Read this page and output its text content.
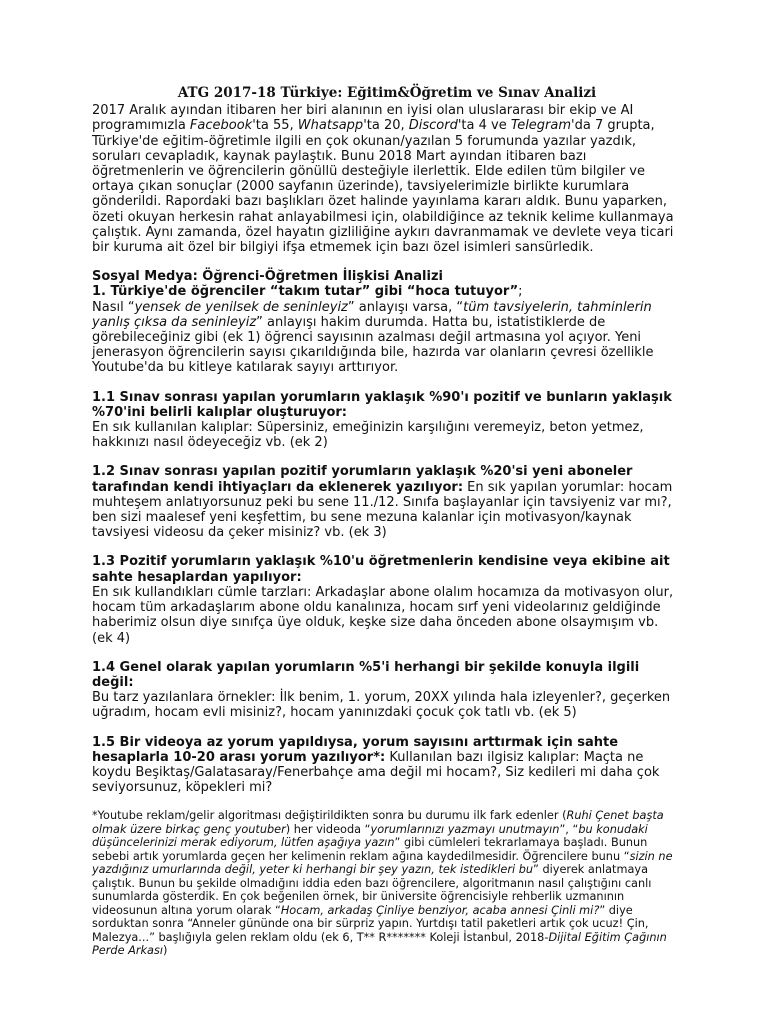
ATG 2017-18 Türkiye: Eğitim&Öğretim ve Sınav Analizi

2017 Aralık ayından itibaren her biri alanının en iyisi olan uluslararası bir ekip ve AI programımızla Facebook'ta 55, Whatsapp'ta 20, Discord'ta 4 ve Telegram'da 7 grupta, Türkiye'de eğitim-öğretimle ilgili en çok okunan/yazılan 5 forumunda yazılar yazdık, soruları cevapladık, kaynak paylaştık. Bunu 2018 Mart ayından itibaren bazı öğretmenlerin ve öğrencilerin gönüllü desteğiyle ilerlettik. Elde edilen tüm bilgiler ve ortaya çıkan sonuçlar (2000 sayfanın üzerinde), tavsiyelerimizle birlikte kurumlara gönderildi. Rapordaki bazı başlıkları özet halinde yayınlama kararı aldık. Bunu yaparken, özeti okuyan herkesin rahat anlayabilmesi için, olabildiğince az teknik kelime kullanmaya çalıştık. Aynı zamanda, özel hayatın gizliliğine aykırı davranmamak ve devlete veya ticari bir kuruma ait özel bir bilgiyi ifşa etmemek için bazı özel isimleri sansürledik.

Sosyal Medya: Öğrenci-Öğretmen İlişkisi Analizi

1. Türkiye'de öğrenciler “takım tutar” gibi “hoca tutuyor”;

Nasıl “yensek de yenilsek de seninleyiz” anlayışı varsa, “tüm tavsiyelerin, tahminlerin yanlış çıksa da seninleyiz” anlayışı hakim durumda. Hatta bu, istatistiklerde de görebileceğiniz gibi (ek 1) öğrenci sayısının azalması değil artmasına yol açıyor. Yeni jenerasyon öğrencilerin sayısı çıkarıldığında bile, hazırda var olanların çevresi özellikle Youtube'da bu kitleye katılarak sayıyı arttırıyor.

1.1 Sınav sonrası yapılan yorumların yaklaşık %90'ı pozitif ve bunların yaklaşık %70'ini belirli kalıplar oluşturuyor:

En sık kullanılan kalıplar: Süpersiniz, emeğinizin karşılığını veremeyiz, beton yetmez, hakkınızı nasıl ödeyeceğiz vb. (ek 2)

1.2 Sınav sonrası yapılan pozitif yorumların yaklaşık %20'si yeni aboneler tarafından kendi ihtiyaçları da eklenerek yazılıyor: En sık yapılan yorumlar: hocam muhteşem anlatıyorsunuz peki bu sene 11./12. Sınıfa başlayanlar için tavsiyeniz var mı?, ben sizi maalesef yeni keşfettim, bu sene mezuna kalanlar için motivasyon/kaynak tavsiyesi videosu da çeker misiniz? vb. (ek 3)

1.3 Pozitif yorumların yaklaşık %10'u öğretmenlerin kendisine veya ekibine ait sahte hesaplardan yapılıyor:

En sık kullandıkları cümle tarzları: Arkadaşlar abone olalım hocamıza da motivasyon olur, hocam tüm arkadaşlarım abone oldu kanalınıza, hocam sırf yeni videolarınız geldiğinde haberimiz olsun diye sınıfça üye olduk, keşke size daha önceden abone olsaymışım vb. (ek 4)

1.4 Genel olarak yapılan yorumların %5'i herhangi bir şekilde konuyla ilgili değil:

Bu tarz yazılanlara örnekler: İlk benim, 1. yorum, 20XX yılında hala izleyenler?, geçerken uğradım, hocam evli misiniz?, hocam yanınızdaki çocuk çok tatlı vb. (ek 5)

1.5 Bir videoya az yorum yapıldıysa, yorum sayısını arttırmak için sahte hesaplarla 10-20 arası yorum yazılıyor*: Kullanılan bazı ilgisiz kalıplar: Maçta ne koydu Beşiktaş/Galatasaray/Fenerbahçe ama değil mi hocam?, Siz kedileri mi daha çok seviyorsunuz, köpekleri mi?

*Youtube reklam/gelir algoritması değiştirildikten sonra bu durumu ilk fark edenler (Ruhi Çenet başta olmak üzere birkaç genç youtuber) her videoda “yorumlarınızı yazmayı unutmayın”, “bu konudaki düşüncelerinizi merak ediyorum, lütfen aşağıya yazın” gibi cümleleri tekrarlamaya başladı. Bunun sebebi artık yorumlarda geçen her kelimenin reklam ağına kaydedilmesidir. Öğrencilere bunu “sizin ne yazdığınız umurlarında değil, yeter ki herhangi bir şey yazın, tek istedikleri bu” diyerek anlatmaya çalıştık. Bunun bu şekilde olmadığını iddia eden bazı öğrencilere, algoritmanın nasıl çalıştığını canlı sunumlarda gösterdik. En çok beğenilen örnek, bir üniversite öğrencisiyle rehberlik uzmanının videosunun altına yorum olarak “Hocam, arkadaş Çinliye benziyor, acaba annesi Çinli mi?” diye sorduktan sonra “Anneler gününde ona bir sürpriz yapın. Yurtdışı tatil paketleri artık çok ucuz! Çin, Malezya...” başlığıyla gelen reklam oldu (ek 6, T** R******* Koleji İstanbul, 2018-Dijital Eğitim Çağının Perde Arkası)
